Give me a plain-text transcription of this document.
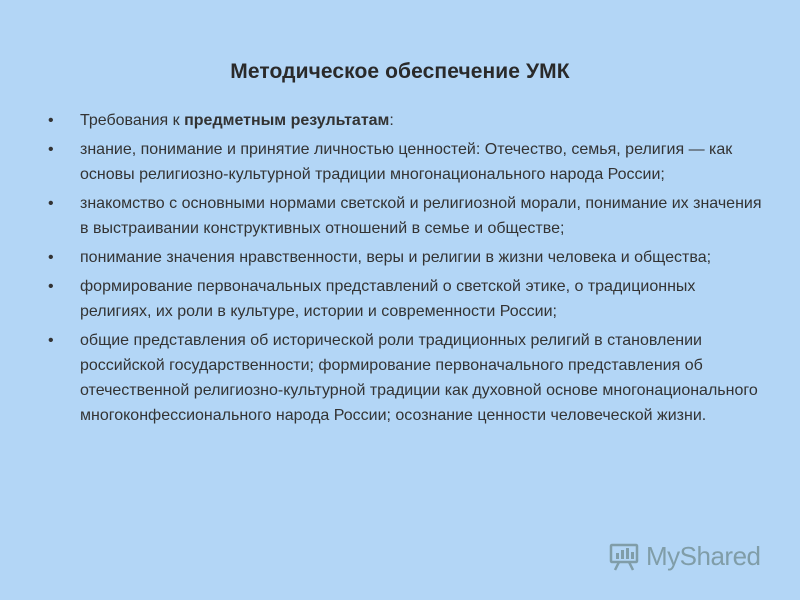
Методическое обеспечение УМК
• Требования к предметным результатам:
• знание, понимание и принятие личностью ценностей: Отечество, семья, религия — как основы религиозно-культурной традиции многонационального народа России;
• знакомство с основными нормами светской и религиозной морали, понимание их значения в выстраивании конструктивных отношений в семье и обществе;
• понимание значения нравственности, веры и религии в жизни человека и общества;
• формирование первоначальных представлений о светской этике, о традиционных религиях, их роли в культуре, истории и современности России;
• общие представления об исторической роли традиционных религий в становлении российской государственности; формирование первоначального представления об отечественной религиозно-культурной традиции как духовной основе многонационального многоконфессионального народа России; осознание ценности человеческой жизни.
MyShared
